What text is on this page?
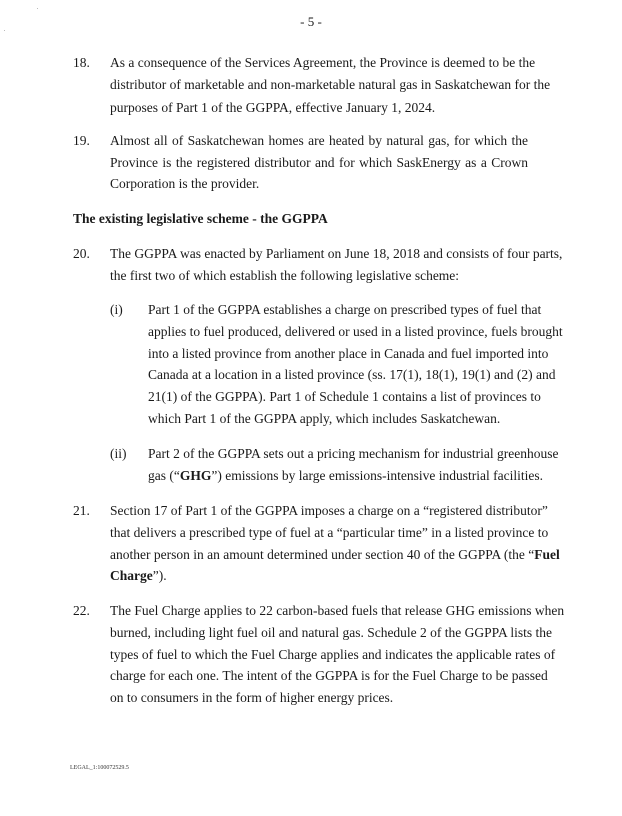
- 5 -
18. As a consequence of the Services Agreement, the Province is deemed to be the
distributor of marketable and non-marketable natural gas in Saskatchewan for the
purposes of Part 1 of the GGPPA, effective January 1, 2024.
19. Almost all of Saskatchewan homes are heated by natural gas, for which the
Province is the registered distributor and for which SaskEnergy as a Crown
Corporation is the provider.
The existing legislative scheme - the GGPPA
20. The GGPPA was enacted by Parliament on June 18, 2018 and consists of four parts,
the first two of which establish the following legislative scheme:
(i) Part 1 of the GGPPA establishes a charge on prescribed types of fuel that
applies to fuel produced, delivered or used in a listed province, fuels brought
into a listed province from another place in Canada and fuel imported into
Canada at a location in a listed province (ss. 17(1), 18(1), 19(1) and (2) and
21(1) of the GGPPA). Part 1 of Schedule 1 contains a list of provinces to
which Part 1 of the GGPPA apply, which includes Saskatchewan.
(ii) Part 2 of the GGPPA sets out a pricing mechanism for industrial greenhouse
gas (“GHG”) emissions by large emissions-intensive industrial facilities.
21. Section 17 of Part 1 of the GGPPA imposes a charge on a “registered distributor”
that delivers a prescribed type of fuel at a “particular time” in a listed province to
another person in an amount determined under section 40 of the GGPPA (the “Fuel
Charge”).
22. The Fuel Charge applies to 22 carbon-based fuels that release GHG emissions when
burned, including light fuel oil and natural gas. Schedule 2 of the GGPPA lists the
types of fuel to which the Fuel Charge applies and indicates the applicable rates of
charge for each one. The intent of the GGPPA is for the Fuel Charge to be passed
on to consumers in the form of higher energy prices.
LEGAL_1:100072529.5
